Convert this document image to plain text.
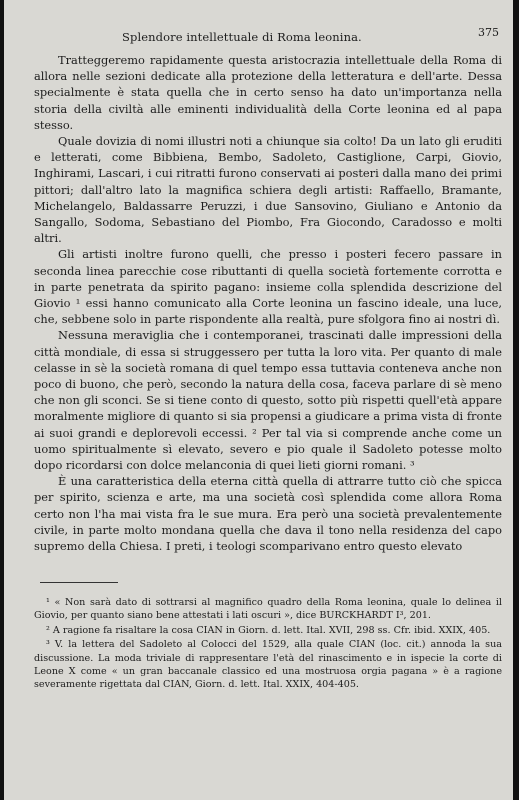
Splendore intellettuale di Roma leonina.	375

Tratteggeremo rapidamente questa aristocrazia intellettuale della Roma di allora nelle sezioni dedicate alla protezione della letteratura e dell'arte. Dessa specialmente è stata quella che in certo senso ha dato un'importanza nella storia della civiltà alle eminenti individualità della Corte leonina ed al papa stesso.

Quale dovizia di nomi illustri noti a chiunque sia colto! Da un lato gli eruditi e letterati, come Bibbiena, Bembo, Sadoleto, Castiglione, Carpi, Giovio, Inghirami, Lascari, i cui ritratti furono conservati ai posteri dalla mano dei primi pittori; dall'altro lato la magnifica schiera degli artisti: Raffaello, Bramante, Michelangelo, Baldassarre Peruzzi, i due Sansovino, Giuliano e Antonio da Sangallo, Sodoma, Sebastiano del Piombo, Fra Giocondo, Caradosso e molti altri.

Gli artisti inoltre furono quelli, che presso i posteri fecero passare in seconda linea parecchie cose ributtanti di quella società fortemente corrotta e in parte penetrata da spirito pagano: insieme colla splendida descrizione del Giovio ¹ essi hanno comunicato alla Corte leonina un fascino ideale, una luce, che, sebbene solo in parte rispondente alla realtà, pure sfolgora fino ai nostri dì.

Nessuna meraviglia che i contemporanei, trascinati dalle impressioni della città mondiale, di essa si struggessero per tutta la loro vita. Per quanto di male celasse in sè la società romana di quel tempo essa tuttavia conteneva anche non poco di buono, che però, secondo la natura della cosa, faceva parlare di sè meno che non gli sconci. Se si tiene conto di questo, sotto più rispetti quell'età appare moralmente migliore di quanto si sia propensi a giudicare a prima vista di fronte ai suoi grandi e deplorevoli eccessi. ² Per tal via si comprende anche come un uomo spiritualmente sì elevato, severo e pio quale il Sadoleto potesse molto dopo ricordarsi con dolce melanconia di quei lieti giorni romani. ³

È una caratteristica della eterna città quella di attrarre tutto ciò che spicca per spirito, scienza e arte, ma una società così splendida come allora Roma certo non l'ha mai vista fra le sue mura. Era però una società prevalentemente civile, in parte molto mondana quella che dava il tono nella residenza del capo supremo della Chiesa. I preti, i teologi scomparivano entro questo elevato

¹ « Non sarà dato di sottrarsi al magnifico quadro della Roma leonina, quale lo delinea il Giovio, per quanto siano bene attestati i lati oscuri », dice BURCKHARDT I³, 201.

² A ragione fa risaltare la cosa CIAN in Giorn. d. lett. Ital. XVII, 298 ss. Cfr. ibid. XXIX, 405.

³ V. la lettera del Sadoleto al Colocci del 1529, alla quale CIAN (loc. cit.) annoda la sua discussione. La moda triviale di rappresentare l'età del rinascimento e in ispecie la corte di Leone X come « un gran baccanale classico ed una mostruosa orgia pagana » è a ragione severamente rigettata dal CIAN, Giorn. d. lett. Ital. XXIX, 404-405.
